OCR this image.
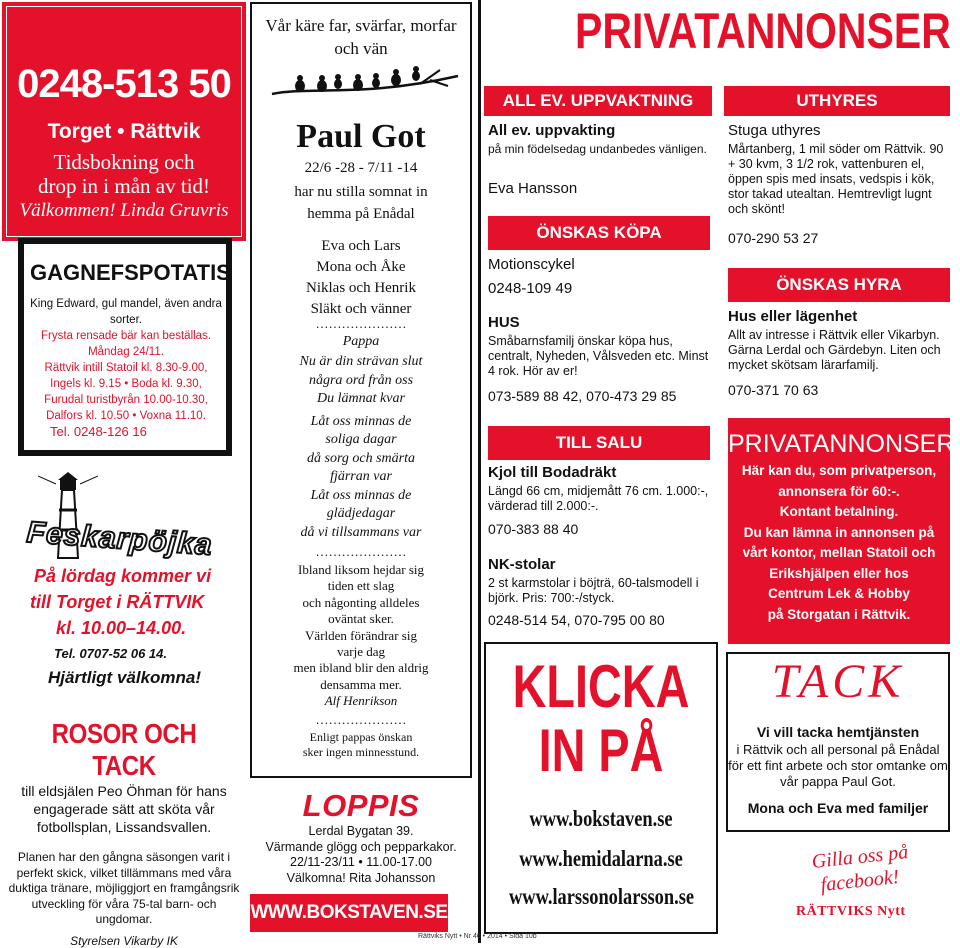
0248-513 50
Torget • Rättvik
Tidsbokning och
drop in i mån av tid!
Välkommen! Linda Gruvris
GAGNEFSPOTATIS
King Edward, gul mandel, även andra sorter.
Frysta rensade bär kan beställas.
Måndag 24/11.
Rättvik intill Statoil kl. 8.30-9.00,
Ingels kl. 9.15 • Boda kl. 9.30,
Furudal turistbyrån 10.00-10.30,
Dalfors kl. 10.50 • Voxna 11.10.
Tel. 0248-126 16
Feskarpöjka
På lördag kommer vi
till Torget i RÄTTVIK
kl. 10.00–14.00.
Tel. 0707-52 06 14.
Hjärtligt välkomna!
ROSOR OCH TACK
till eldsjälen Peo Öhman för hans engagerade sätt att sköta vår fotbollsplan, Lissandsvallen.
Planen har den gångna säsongen varit i perfekt skick, vilket tillämmans med våra duktiga tränare, möjliggjort en framgångsrik utveckling för våra 75-tal barn- och ungdomar.
Styrelsen Vikarby IK
Vår käre far, svärfar, morfar
och vän
Paul Got
22/6 -28 - 7/11 -14
har nu stilla somnat in
hemma på Enådal
Eva och Lars
Mona och Åke
Niklas och Henrik
Släkt och vänner
…………………
Pappa
Nu är din strävan slut
några ord från oss
Du lämnat kvar
Låt oss minnas de
soliga dagar
då sorg och smärta
fjärran var
Låt oss minnas de
glädjedagar
då vi tillsammans var
…………………
Ibland liksom hejdar sig
tiden ett slag
och någonting alldeles
oväntat sker.
Världen förändrar sig
varje dag
men ibland blir den aldrig
densamma mer.
Alf Henrikson
…………………
Enligt pappas önskan
sker ingen minnesstund.
LOPPIS
Lerdal Bygatan 39.
Värmande glögg och pepparkakor.
22/11-23/11 • 11.00-17.00
Välkomna! Rita Johansson
WWW.BOKSTAVEN.SE
PRIVATANNONSER
ALL EV. UPPVAKTNING
All ev. uppvakting
på min födelsedag undanbedes vänligen.
Eva Hansson
ÖNSKAS KÖPA
Motionscykel
0248-109 49
HUS
Småbarnsfamilj önskar köpa hus, centralt, Nyheden, Vålsveden etc. Minst 4 rok. Hör av er!
073-589 88 42, 070-473 29 85
TILL SALU
Kjol till Bodadräkt
Längd 66 cm, midjemått 76 cm. 1.000:-, värderad till 2.000:-.
070-383 88 40
NK-stolar
2 st karmstolar i böjträ, 60-talsmodell i björk. Pris: 700:-/styck.
0248-514 54, 070-795 00 80
KLICKA
IN PÅ
www.bokstaven.se
www.hemidalarna.se
www.larssonolarsson.se
Rättviks Nytt • Nr 46 • 2014 • Sida 10b
UTHYRES
Stuga uthyres
Mårtanberg, 1 mil söder om Rättvik. 90 + 30 kvm, 3 1/2 rok, vattenburen el, öppen spis med insats, vedspis i kök, stor takad utealtan. Hemtrevligt lugnt och skönt!
070-290 53 27
ÖNSKAS HYRA
Hus eller lägenhet
Allt av intresse i Rättvik eller Vikarbyn. Gärna Lerdal och Gärdebyn. Liten och mycket skötsam lärarfamilj.
070-371 70 63
PRIVATANNONSER
Här kan du, som privatperson,
annonsera för 60:-.
Kontant betalning.
Du kan lämna in annonsen på
vårt kontor, mellan Statoil och
Erikshjälpen eller hos
Centrum Lek & Hobby
på Storgatan i Rättvik.
TACK
Vi vill tacka hemtjänsten
i Rättvik och all personal på Enådal för ett fint arbete och stor omtanke om vår pappa Paul Got.
Mona och Eva med familjer
Gilla oss på
facebook!
RÄTTVIKS Nytt
